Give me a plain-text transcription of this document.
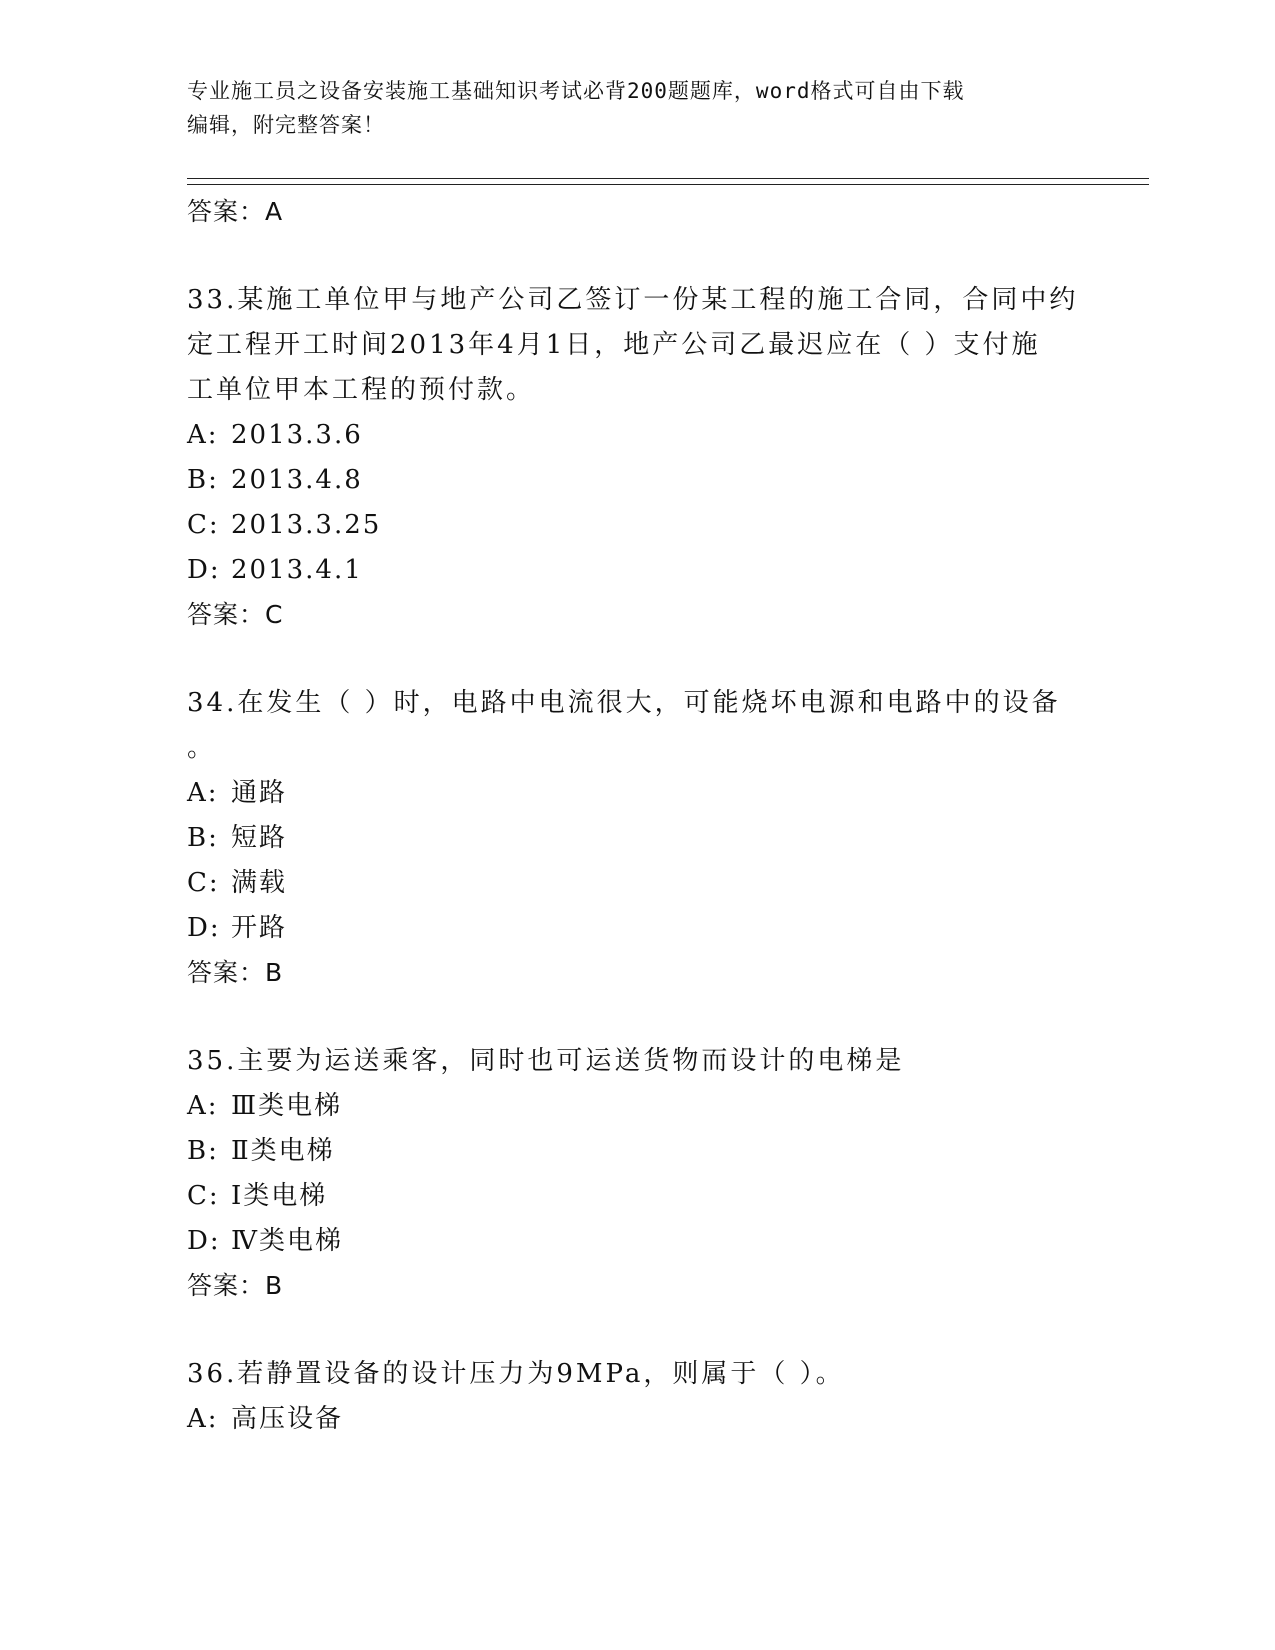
专业施工员之设备安装施工基础知识考试必背200题题库，word格式可自由下载
编辑，附完整答案！
答案：A
33.某施工单位甲与地产公司乙签订一份某工程的施工合同，合同中约
定工程开工时间2013年4月1日，地产公司乙最迟应在（ ）支付施
工单位甲本工程的预付款。
A: 2013.3.6
B: 2013.4.8
C: 2013.3.25
D: 2013.4.1
答案：C
34.在发生（ ）时，电路中电流很大，可能烧坏电源和电路中的设备
。
A: 通路
B: 短路
C: 满载
D: 开路
答案：B
35.主要为运送乘客，同时也可运送货物而设计的电梯是
A: Ⅲ类电梯
B: Ⅱ类电梯
C: Ⅰ类电梯
D: Ⅳ类电梯
答案：B
36.若静置设备的设计压力为9MPa，则属于（ ）。
A: 高压设备
